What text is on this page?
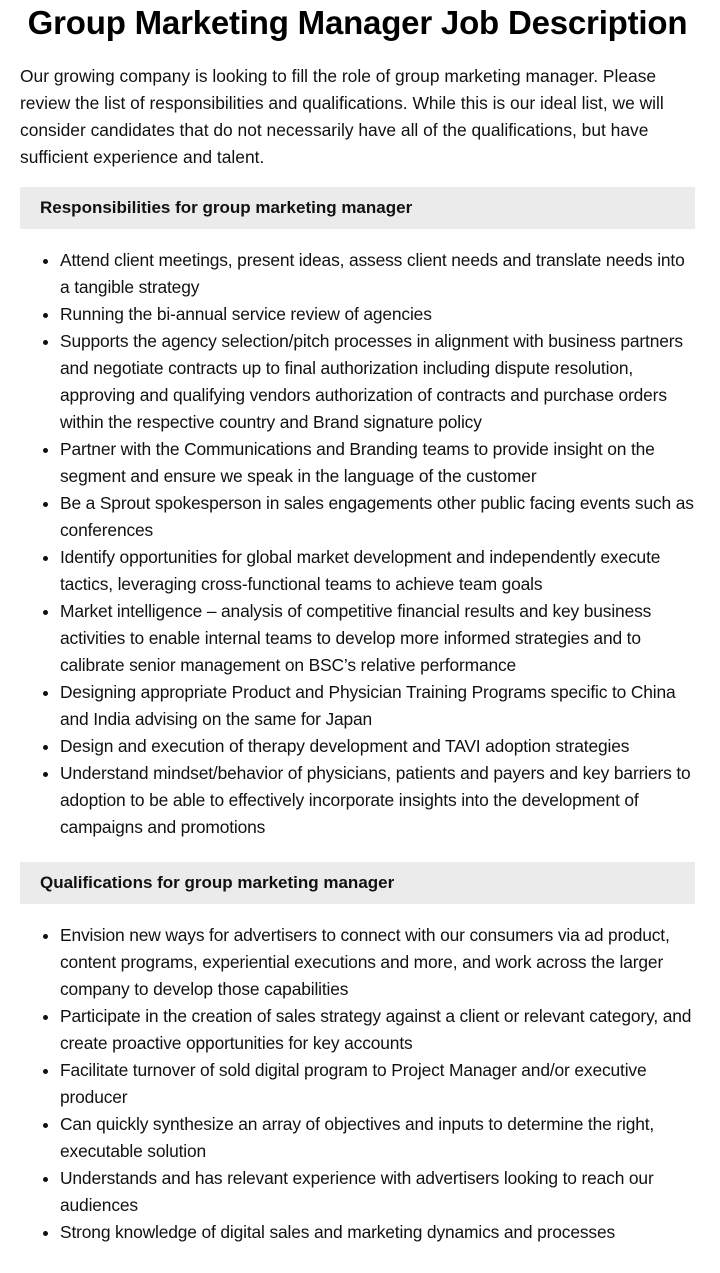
Group Marketing Manager Job Description

Our growing company is looking to fill the role of group marketing manager. Please review the list of responsibilities and qualifications. While this is our ideal list, we will consider candidates that do not necessarily have all of the qualifications, but have sufficient experience and talent.

Responsibilities for group marketing manager
Attend client meetings, present ideas, assess client needs and translate needs into a tangible strategy
Running the bi-annual service review of agencies
Supports the agency selection/pitch processes in alignment with business partners and negotiate contracts up to final authorization including dispute resolution, approving and qualifying vendors authorization of contracts and purchase orders within the respective country and Brand signature policy
Partner with the Communications and Branding teams to provide insight on the segment and ensure we speak in the language of the customer
Be a Sprout spokesperson in sales engagements other public facing events such as conferences
Identify opportunities for global market development and independently execute tactics, leveraging cross-functional teams to achieve team goals
Market intelligence – analysis of competitive financial results and key business activities to enable internal teams to develop more informed strategies and to calibrate senior management on BSC’s relative performance
Designing appropriate Product and Physician Training Programs specific to China and India advising on the same for Japan
Design and execution of therapy development and TAVI adoption strategies
Understand mindset/behavior of physicians, patients and payers and key barriers to adoption to be able to effectively incorporate insights into the development of campaigns and promotions
Qualifications for group marketing manager
Envision new ways for advertisers to connect with our consumers via ad product, content programs, experiential executions and more, and work across the larger company to develop those capabilities
Participate in the creation of sales strategy against a client or relevant category, and create proactive opportunities for key accounts
Facilitate turnover of sold digital program to Project Manager and/or executive producer
Can quickly synthesize an array of objectives and inputs to determine the right, executable solution
Understands and has relevant experience with advertisers looking to reach our audiences
Strong knowledge of digital sales and marketing dynamics and processes
